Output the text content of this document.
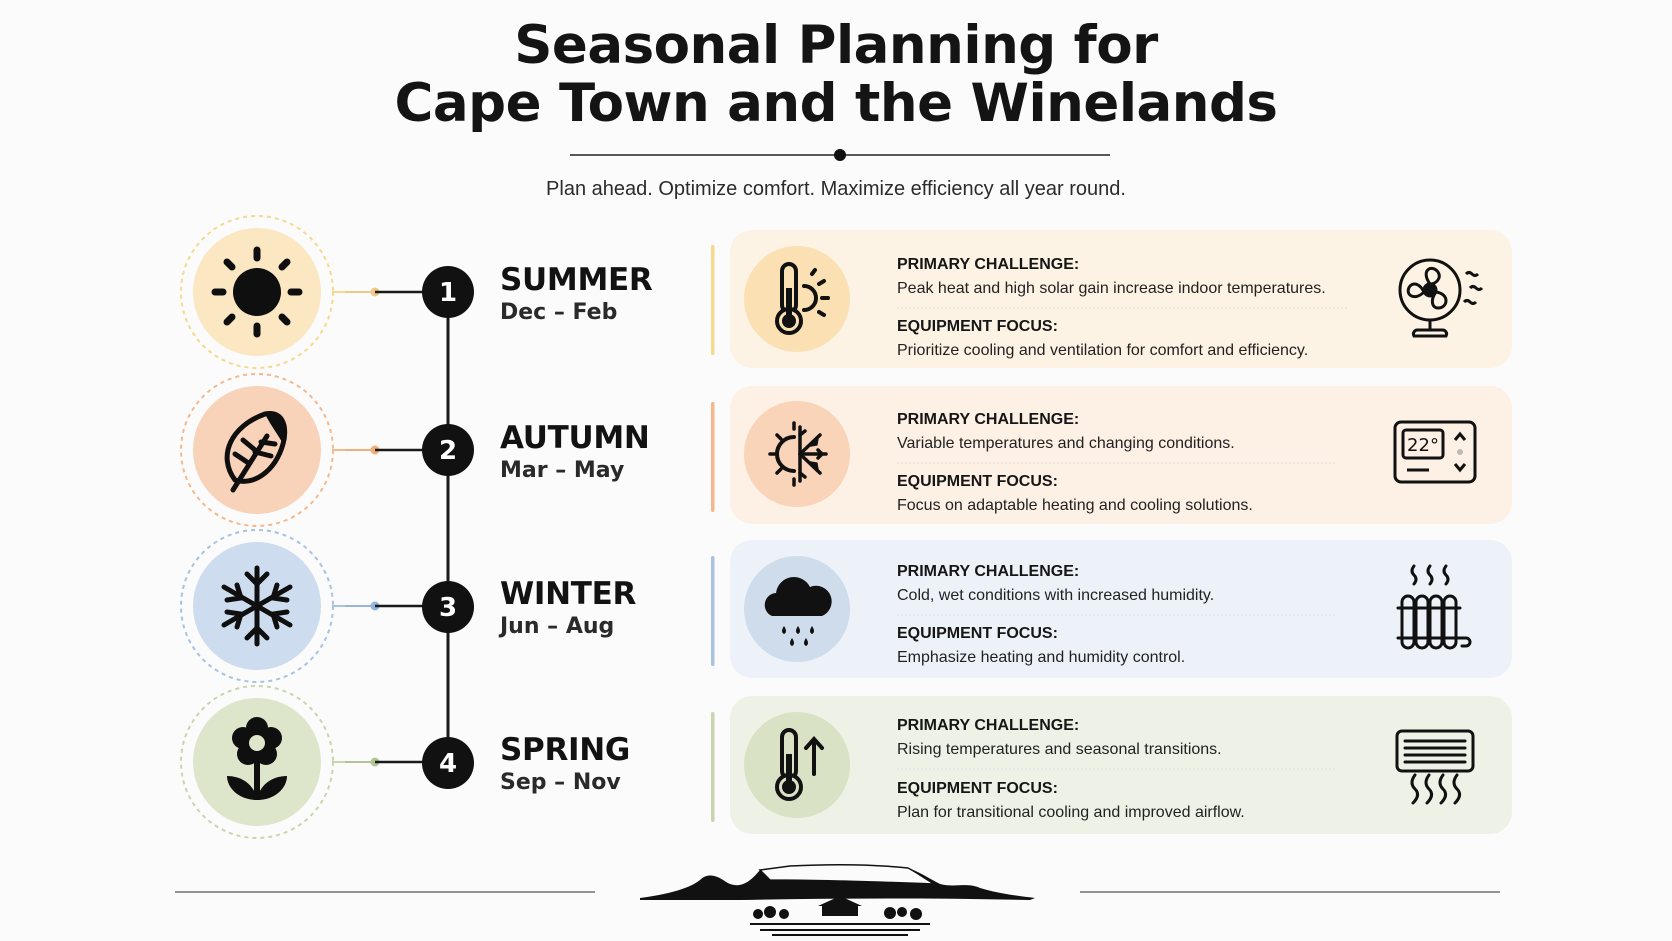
Seasonal Planning for
Cape Town and the Winelands
Plan ahead. Optimize comfort. Maximize efficiency all year round.
1 SUMMER
Dec – Feb
PRIMARY CHALLENGE:
Peak heat and high solar gain increase indoor temperatures.
EQUIPMENT FOCUS:
Prioritize cooling and ventilation for comfort and efficiency.
2 AUTUMN
Mar – May
PRIMARY CHALLENGE:
Variable temperatures and changing conditions.
EQUIPMENT FOCUS:
Focus on adaptable heating and cooling solutions.
22°
3 WINTER
Jun – Aug
PRIMARY CHALLENGE:
Cold, wet conditions with increased humidity.
EQUIPMENT FOCUS:
Emphasize heating and humidity control.
4 SPRING
Sep – Nov
PRIMARY CHALLENGE:
Rising temperatures and seasonal transitions.
EQUIPMENT FOCUS:
Plan for transitional cooling and improved airflow.
